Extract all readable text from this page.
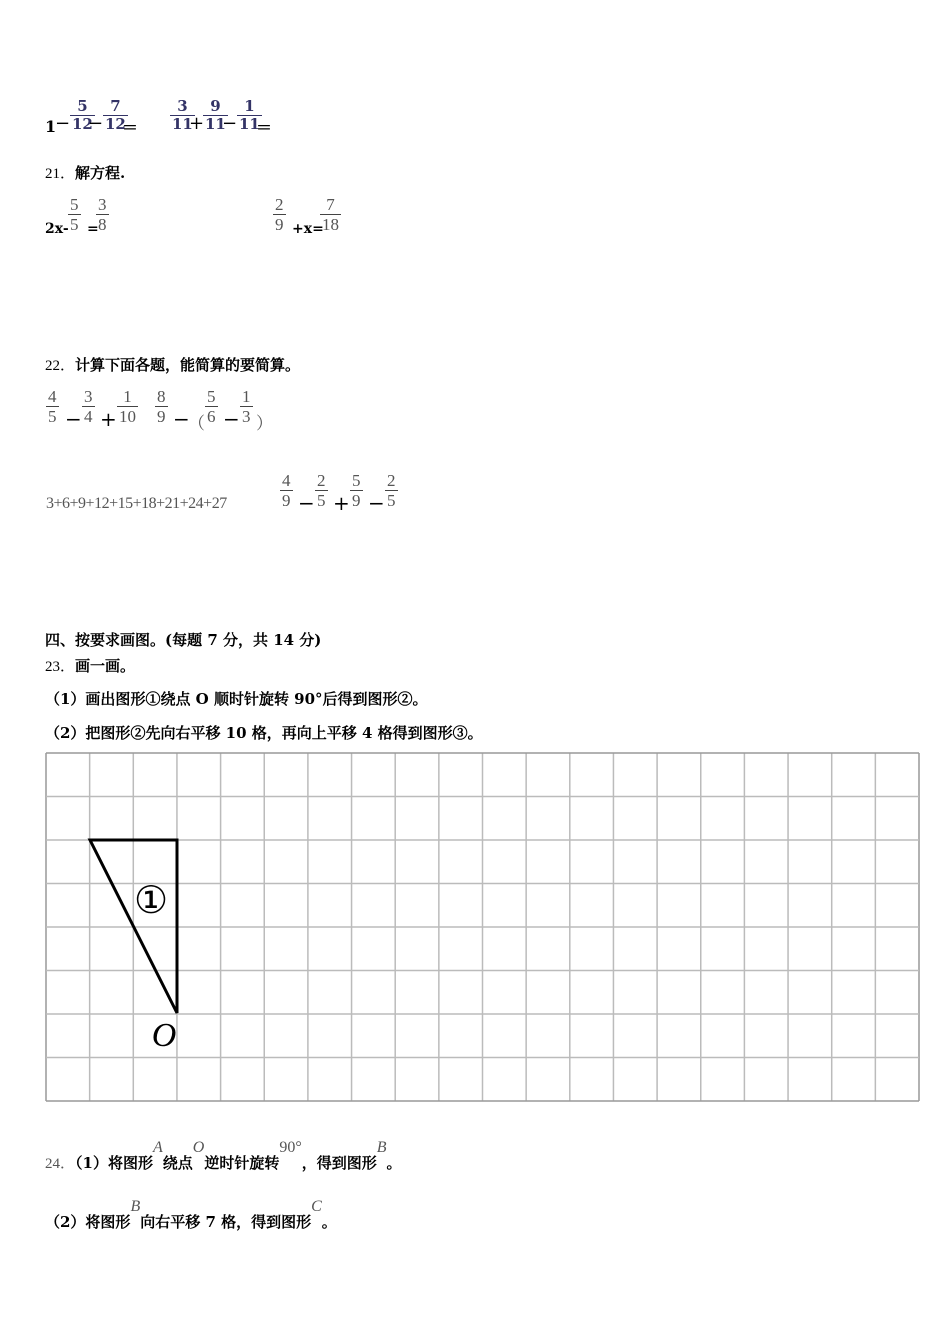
1
− $\frac{5}{12}$
− $\frac{7}{12}$
＝ $\frac{3}{11}$
+
$\frac{9}{11}$
− $\frac{1}{11}$
＝
21．解方程.
$2x- \frac{5}{5}$ =
$\frac{3}{8}$	$\frac{2}{9} +x=$
$\frac{7}{18}$
22．计算下面各题，能简算的要简算。
$\frac{4}{5} - \frac{3}{4} + \frac{1}{10} \frac{8}{9}$ −
（ $\frac{5}{6} - \frac{1}{3}$ ）
3+6+9+12+15+18+21+24+27	$\frac{4}{9} - \frac{2}{5} + \frac{5}{9} - \frac{2}{5}$
四、按要求画图。(每题 7 分，共 14 分)
23．画一画。
（1）画出图形①绕点 O 顺时针旋转 90°后得到图形②。
（2）把图形②先向右平移 10 格，再向上平移 4 格得到图形③。
①
O
24．（1）将图形A绕点O逆时针旋转90°，得到图形B。
（2）将图形B向右平移 7 格，得到图形C。
